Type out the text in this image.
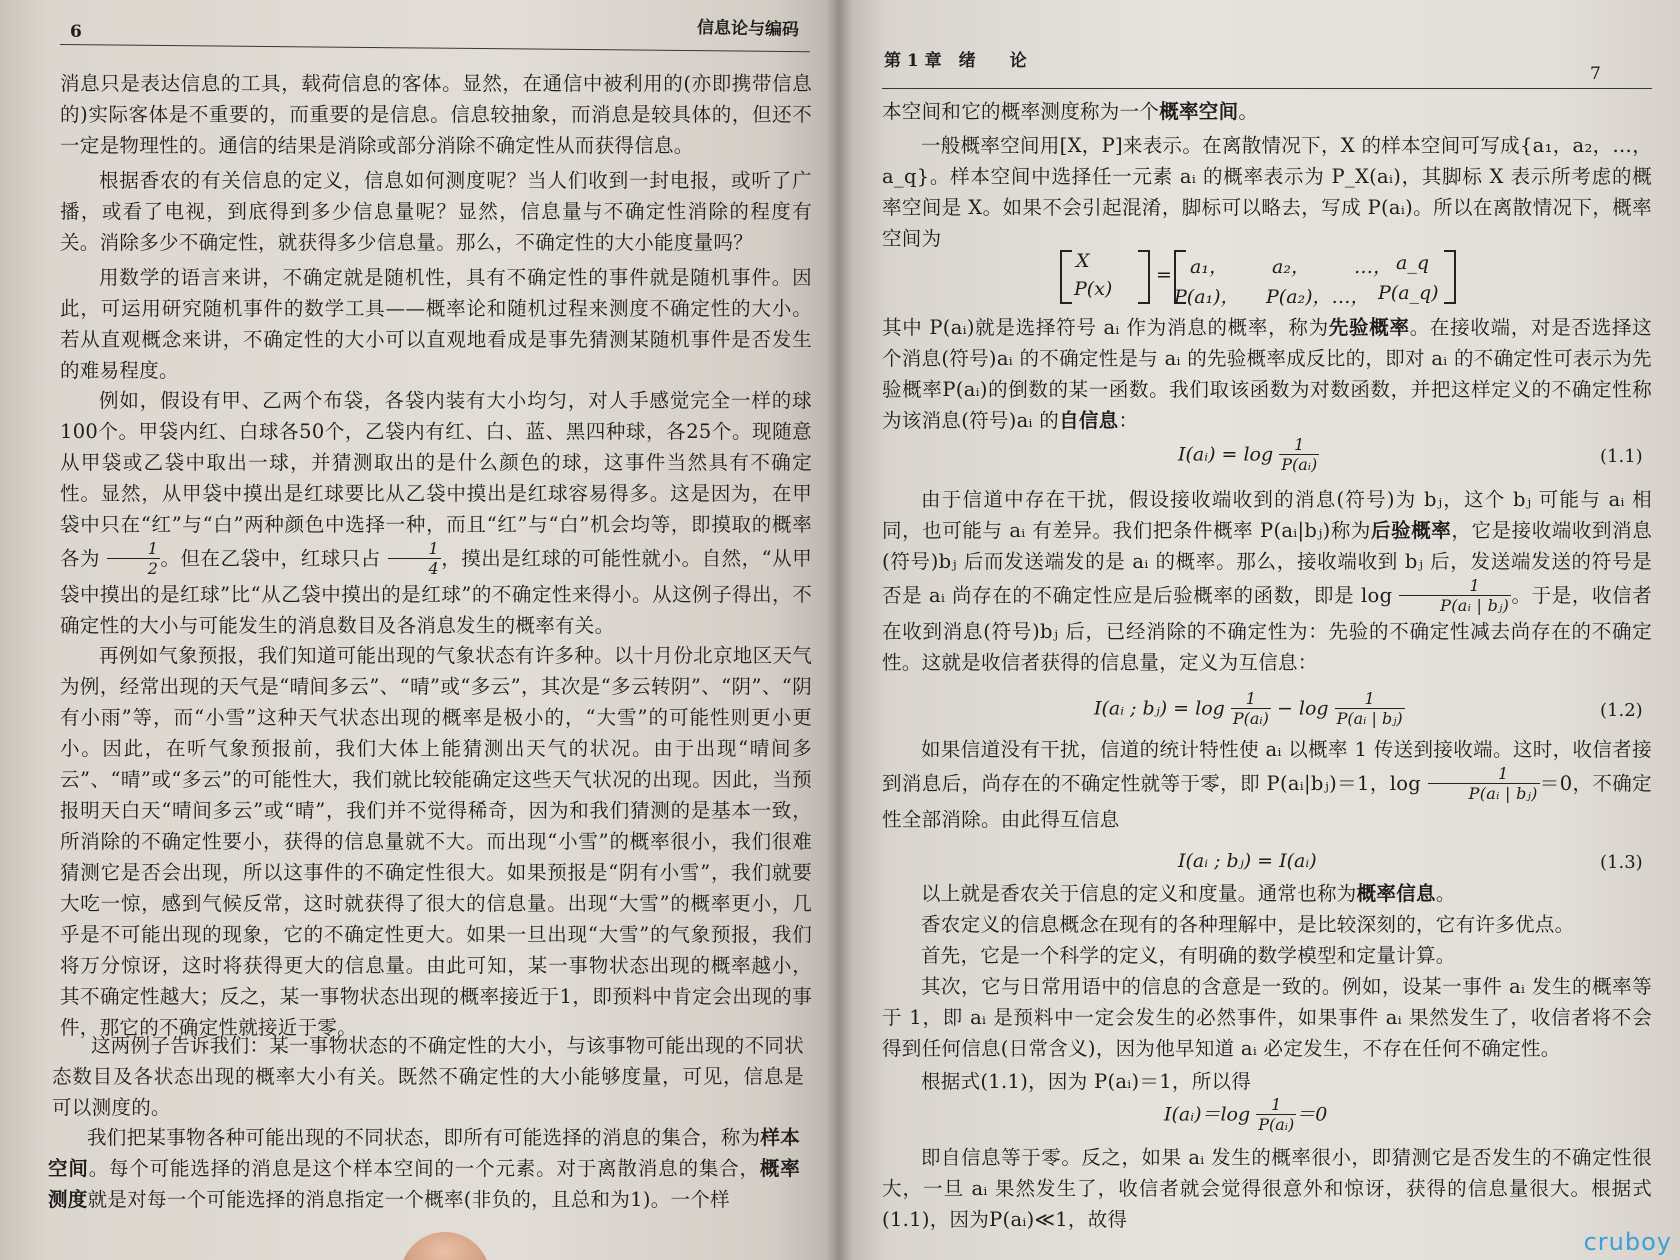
6	信息论与编码

消息只是表达信息的工具，载荷信息的客体。显然，在通信中被利用的(亦即携带信息的)实际客体是不重要的，而重要的是信息。信息较抽象，而消息是较具体的，但还不一定是物理性的。通信的结果是消除或部分消除不确定性从而获得信息。

根据香农的有关信息的定义，信息如何测度呢？当人们收到一封电报，或听了广播，或看了电视，到底得到多少信息量呢？显然，信息量与不确定性消除的程度有关。消除多少不确定性，就获得多少信息量。那么，不确定性的大小能度量吗？

用数学的语言来讲，不确定就是随机性，具有不确定性的事件就是随机事件。因此，可运用研究随机事件的数学工具——概率论和随机过程来测度不确定性的大小。若从直观概念来讲，不确定性的大小可以直观地看成是事先猜测某随机事件是否发生的难易程度。

例如，假设有甲、乙两个布袋，各袋内装有大小均匀，对人手感觉完全一样的球100个。甲袋内红、白球各50个，乙袋内有红、白、蓝、黑四种球，各25个。现随意从甲袋或乙袋中取出一球，并猜测取出的是什么颜色的球，这事件当然具有不确定性。显然，从甲袋中摸出是红球要比从乙袋中摸出是红球容易得多。这是因为，在甲袋中只在“红”与“白”两种颜色中选择一种，而且“红”与“白”机会均等，即摸取的概率各为 $\frac{1}{2}$ 。但在乙袋中，红球只占 $\frac{1}{4}$ ，摸出是红球的可能性就小。自然，“从甲袋中摸出的是红球”比“从乙袋中摸出的是红球”的不确定性来得小。从这例子得出，不确定性的大小与可能发生的消息数目及各消息发生的概率有关。

再例如气象预报，我们知道可能出现的气象状态有许多种。以十月份北京地区天气为例，经常出现的天气是“晴间多云”、“晴”或“多云”，其次是“多云转阴”、“阴”、“阴有小雨”等，而“小雪”这种天气状态出现的概率是极小的，“大雪”的可能性则更小更小。因此，在听气象预报前，我们大体上能猜测出天气的状况。由于出现“晴间多云”、“晴”或“多云”的可能性大，我们就比较能确定这些天气状况的出现。因此，当预报明天白天“晴间多云”或“晴”，我们并不觉得稀奇，因为和我们猜测的是基本一致，所消除的不确定性要小，获得的信息量就不大。而出现“小雪”的概率很小，我们很难猜测它是否会出现，所以这事件的不确定性很大。如果预报是“阴有小雪”，我们就要大吃一惊，感到气候反常，这时就获得了很大的信息量。出现“大雪”的概率更小，几乎是不可能出现的现象，它的不确定性更大。如果一旦出现“大雪”的气象预报，我们将万分惊讶，这时将获得更大的信息量。由此可知，某一事物状态出现的概率越小，其不确定性越大；反之，某一事物状态出现的概率接近于1，即预料中肯定会出现的事件，那它的不确定性就接近于零。

这两例子告诉我们：某一事物状态的不确定性的大小，与该事物可能出现的不同状态数目及各状态出现的概率大小有关。既然不确定性的大小能够度量，可见，信息是可以测度的。

我们把某事物各种可能出现的不同状态，即所有可能选择的消息的集合，称为样本空间。每个可能选择的消息是这个样本空间的一个元素。对于离散消息的集合，概率测度就是对每一个可能选择的消息指定一个概率(非负的，且总和为1)。一个样

第 1 章　绪　　论
7

本空间和它的概率测度称为一个概率空间。

一般概率空间用[X，P]来表示。在离散情况下，X 的样本空间可写成{a₁，a₂，…，a_q}。样本空间中选择任一元素 aᵢ 的概率表示为 P_X(aᵢ)，其脚标 X 表示所考虑的概率空间是 X。如果不会引起混淆，脚标可以略去，写成 P(aᵢ)。所以在离散情况下，概率空间为

X
P(x)
= a₁， a₂， …， a_q
P(a₁)， P(a₂)，…， P(a_q)

其中 P(aᵢ)就是选择符号 aᵢ 作为消息的概率，称为先验概率。在接收端，对是否选择这个消息(符号)aᵢ 的不确定性是与 aᵢ 的先验概率成反比的，即对 aᵢ 的不确定性可表示为先验概率P(aᵢ)的倒数的某一函数。我们取该函数为对数函数，并把这样定义的不确定性称为该消息(符号)aᵢ 的自信息：

I(aᵢ) = $\log \frac{1}{\text{P(aᵢ)}}$	(1.1)

由于信道中存在干扰，假设接收端收到的消息(符号)为 bⱼ，这个 bⱼ 可能与 aᵢ 相同，也可能与 aᵢ 有差异。我们把条件概率 P(aᵢ|bⱼ)称为后验概率，它是接收端收到消息(符号)bⱼ 后而发送端发的是 aᵢ 的概率。那么，接收端收到 bⱼ 后，发送端发送的符号是否是 aᵢ 尚存在的不确定性应是后验概率的函数，即是 $\log \frac{1}{\text{P(aᵢ | bⱼ)}}$ 。于是，收信者在收到消息(符号)bⱼ 后，已经消除的不确定性为：先验的不确定性减去尚存在的不确定性。这就是收信者获得的信息量，定义为互信息：

I(aᵢ ; bⱼ) = $\log \frac{1}{\text{P(aᵢ)}} - \log \frac{1}{\text{P(aᵢ | bⱼ)}}$	(1.2)

如果信道没有干扰，信道的统计特性使 aᵢ 以概率 1 传送到接收端。这时，收信者接到消息后，尚存在的不确定性就等于零，即 P(aᵢ|bⱼ)＝1，$\log \frac{1}{\text{P(aᵢ | bⱼ)}} =0$，不确定性全部消除。由此得互信息

I(aᵢ ; bⱼ) = I(aᵢ)	(1.3)

以上就是香农关于信息的定义和度量。通常也称为概率信息。

香农定义的信息概念在现有的各种理解中，是比较深刻的，它有许多优点。

首先，它是一个科学的定义，有明确的数学模型和定量计算。

其次，它与日常用语中的信息的含意是一致的。例如，设某一事件 aᵢ 发生的概率等于 1，即 aᵢ 是预料中一定会发生的必然事件，如果事件 aᵢ 果然发生了，收信者将不会得到任何信息(日常含义)，因为他早知道 aᵢ 必定发生，不存在任何不确定性。

根据式(1.1)，因为 P(aᵢ)＝1，所以得

I(aᵢ)＝log $\frac{1}{\text{P(aᵢ)}} =0$

即自信息等于零。反之，如果 aᵢ 发生的概率很小，即猜测它是否发生的不确定性很大，一旦 aᵢ 果然发生了，收信者就会觉得很意外和惊讶，获得的信息量很大。根据式(1.1)，因为P(aᵢ)≪1，故得

cruboy
